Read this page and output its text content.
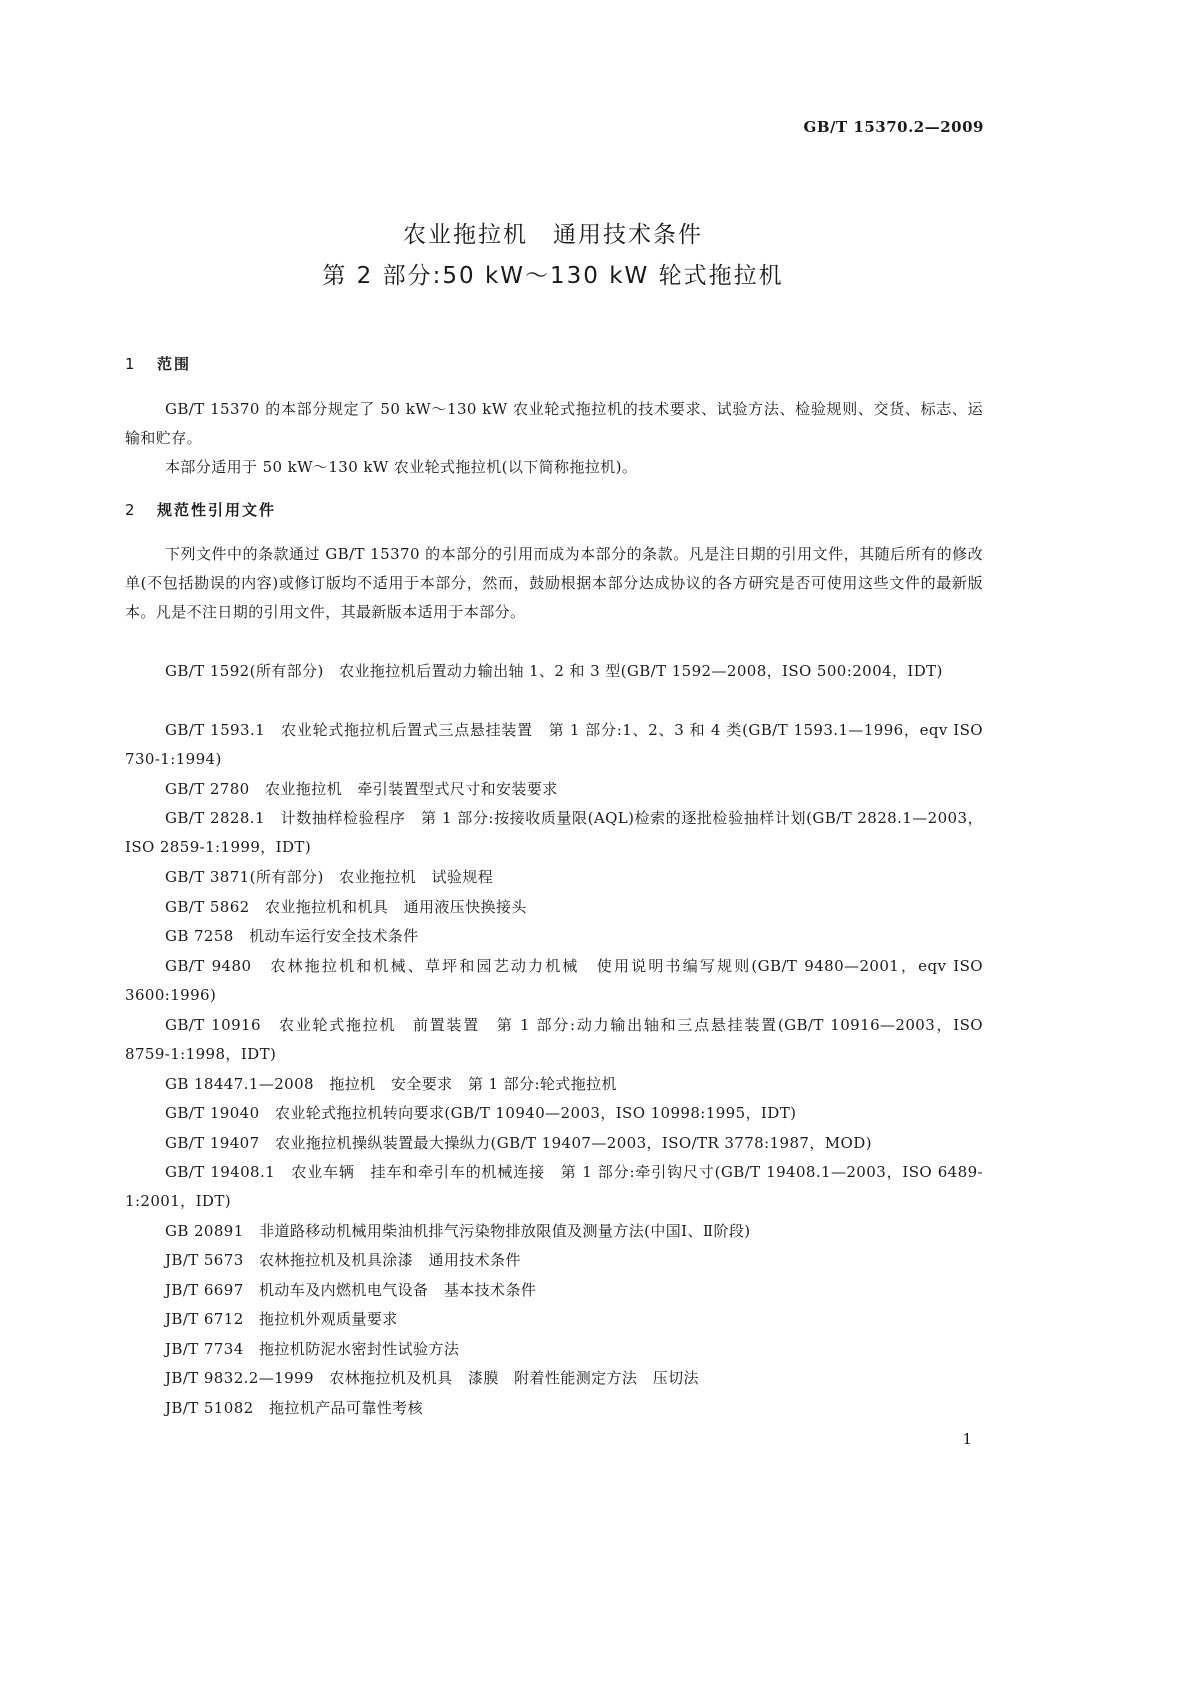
GB/T 15370.2—2009
农业拖拉机　通用技术条件
第 2 部分:50 kW～130 kW 轮式拖拉机
1 范围
GB/T 15370 的本部分规定了 50 kW～130 kW 农业轮式拖拉机的技术要求、试验方法、检验规则、交货、标志、运输和贮存。
本部分适用于 50 kW～130 kW 农业轮式拖拉机(以下简称拖拉机)。
2 规范性引用文件
下列文件中的条款通过 GB/T 15370 的本部分的引用而成为本部分的条款。凡是注日期的引用文件，其随后所有的修改单(不包括勘误的内容)或修订版均不适用于本部分，然而，鼓励根据本部分达成协议的各方研究是否可使用这些文件的最新版本。凡是不注日期的引用文件，其最新版本适用于本部分。
GB/T 1592(所有部分)　农业拖拉机后置动力输出轴 1、2 和 3 型(GB/T 1592—2008，ISO 500:2004，IDT)
GB/T 1593.1　农业轮式拖拉机后置式三点悬挂装置　第 1 部分:1、2、3 和 4 类(GB/T 1593.1—1996，eqv ISO 730-1:1994)
GB/T 2780　农业拖拉机　牵引装置型式尺寸和安装要求
GB/T 2828.1　计数抽样检验程序　第 1 部分:按接收质量限(AQL)检索的逐批检验抽样计划(GB/T 2828.1—2003，ISO 2859-1:1999，IDT)
GB/T 3871(所有部分)　农业拖拉机　试验规程
GB/T 5862　农业拖拉机和机具　通用液压快换接头
GB 7258　机动车运行安全技术条件
GB/T 9480　农林拖拉机和机械、草坪和园艺动力机械　使用说明书编写规则(GB/T 9480—2001，eqv ISO 3600:1996)
GB/T 10916　农业轮式拖拉机　前置装置　第 1 部分:动力输出轴和三点悬挂装置(GB/T 10916—2003，ISO 8759-1:1998，IDT)
GB 18447.1—2008　拖拉机　安全要求　第 1 部分:轮式拖拉机
GB/T 19040　农业轮式拖拉机转向要求(GB/T 10940—2003，ISO 10998:1995，IDT)
GB/T 19407　农业拖拉机操纵装置最大操纵力(GB/T 19407—2003，ISO/TR 3778:1987，MOD)
GB/T 19408.1　农业车辆　挂车和牵引车的机械连接　第 1 部分:牵引钩尺寸(GB/T 19408.1—2003，ISO 6489-1:2001，IDT)
GB 20891　非道路移动机械用柴油机排气污染物排放限值及测量方法(中国Ⅰ、Ⅱ阶段)
JB/T 5673　农林拖拉机及机具涂漆　通用技术条件
JB/T 6697　机动车及内燃机电气设备　基本技术条件
JB/T 6712　拖拉机外观质量要求
JB/T 7734　拖拉机防泥水密封性试验方法
JB/T 9832.2—1999　农林拖拉机及机具　漆膜　附着性能测定方法　压切法
JB/T 51082　拖拉机产品可靠性考核
1
